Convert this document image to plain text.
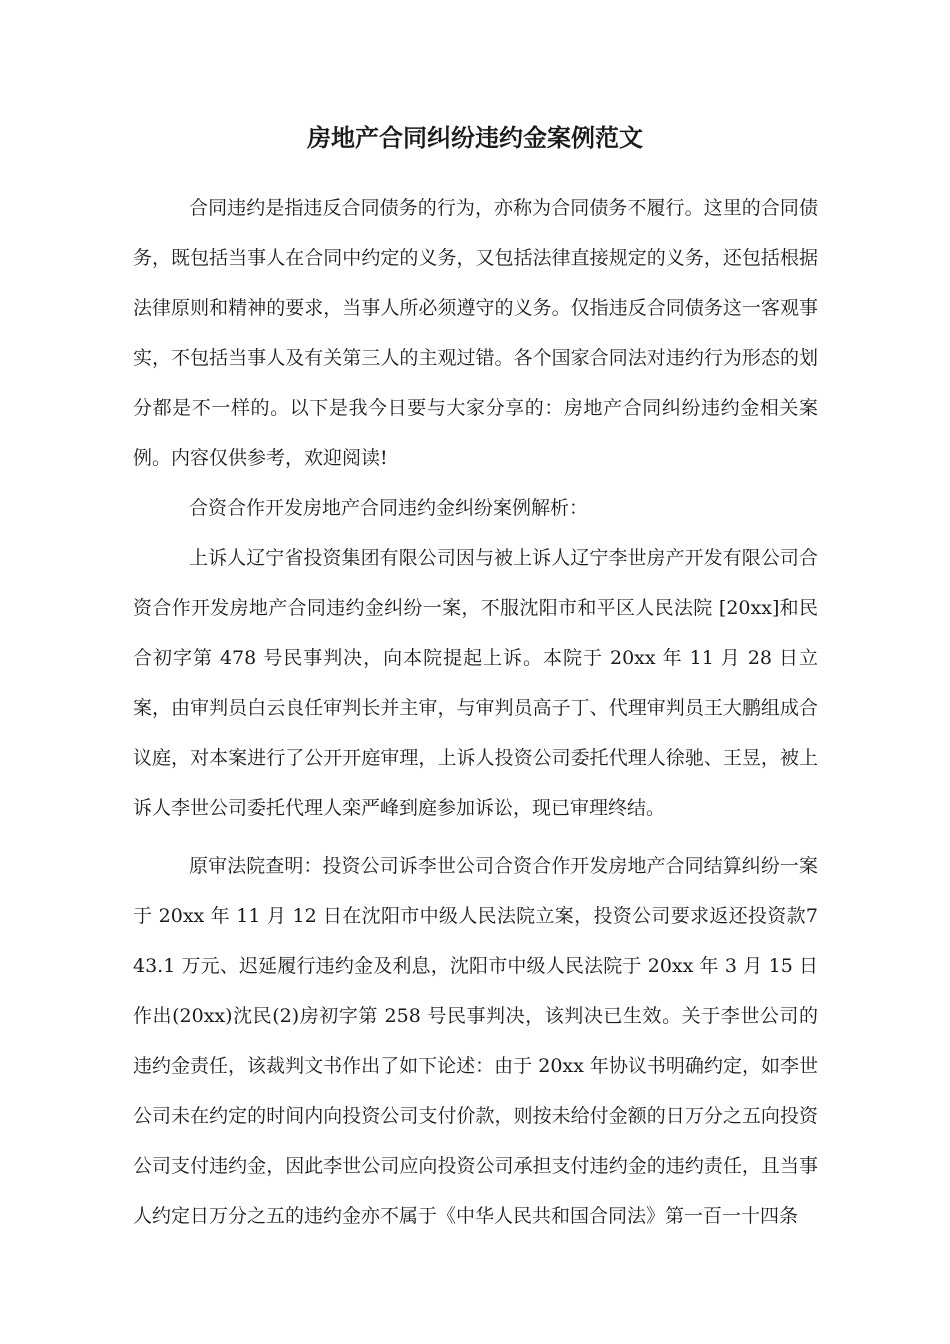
房地产合同纠纷违约金案例范文

合同违约是指违反合同债务的行为，亦称为合同债务不履行。这里的合同债务，既包括当事人在合同中约定的义务，又包括法律直接规定的义务，还包括根据法律原则和精神的要求，当事人所必须遵守的义务。仅指违反合同债务这一客观事实，不包括当事人及有关第三人的主观过错。各个国家合同法对违约行为形态的划分都是不一样的。以下是我今日要与大家分享的：房地产合同纠纷违约金相关案例。内容仅供参考，欢迎阅读!

合资合作开发房地产合同违约金纠纷案例解析：

上诉人辽宁省投资集团有限公司因与被上诉人辽宁李世房产开发有限公司合资合作开发房地产合同违约金纠纷一案，不服沈阳市和平区人民法院 [20xx]和民合初字第 478 号民事判决，向本院提起上诉。本院于 20xx 年 11 月 28 日立案，由审判员白云良任审判长并主审，与审判员高子丁、代理审判员王大鹏组成合议庭，对本案进行了公开开庭审理，上诉人投资公司委托代理人徐驰、王昱，被上诉人李世公司委托代理人栾严峰到庭参加诉讼，现已审理终结。

原审法院查明：投资公司诉李世公司合资合作开发房地产合同结算纠纷一案于 20xx 年 11 月 12 日在沈阳市中级人民法院立案，投资公司要求返还投资款743.1 万元、迟延履行违约金及利息，沈阳市中级人民法院于 20xx 年 3 月 15 日作出(20xx)沈民(2)房初字第 258 号民事判决，该判决已生效。关于李世公司的违约金责任，该裁判文书作出了如下论述：由于 20xx 年协议书明确约定，如李世公司未在约定的时间内向投资公司支付价款，则按未给付金额的日万分之五向投资公司支付违约金，因此李世公司应向投资公司承担支付违约金的违约责任，且当事人约定日万分之五的违约金亦不属于《中华人民共和国合同法》第一百一十四条
